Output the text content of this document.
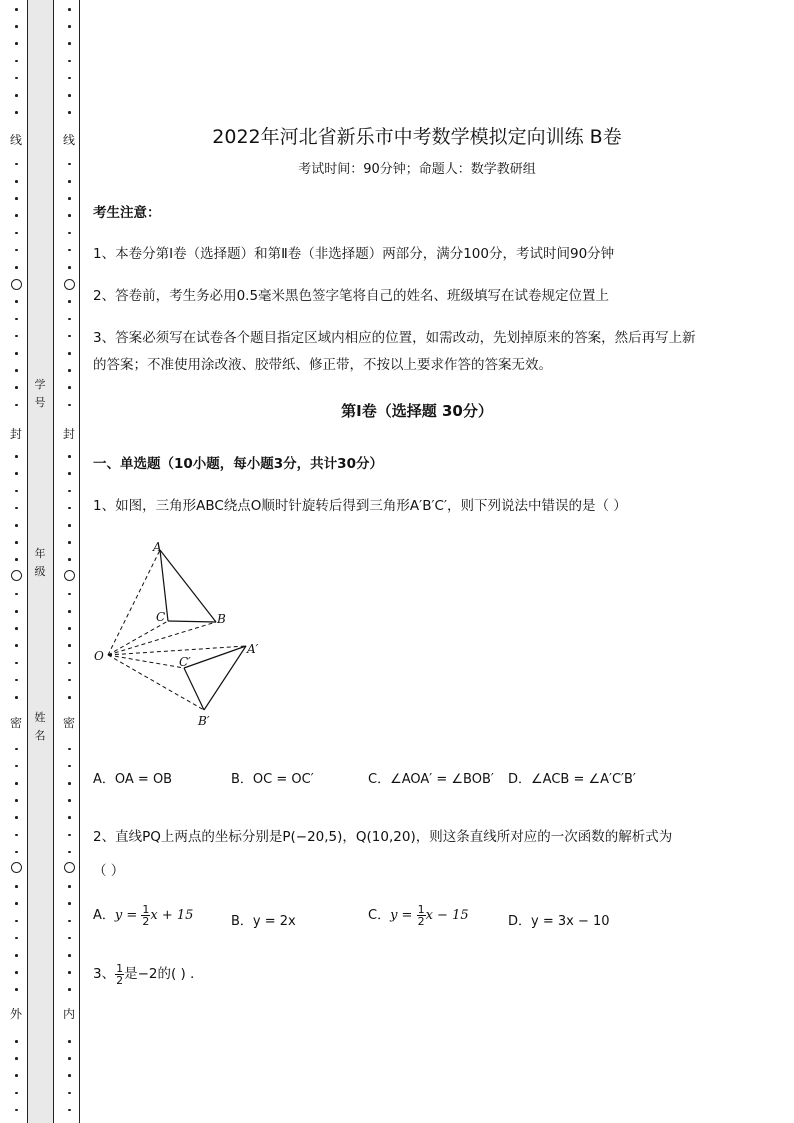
线
封
密
外
线
封
密
内
学号
年级
姓名
2022年河北省新乐市中考数学模拟定向训练 B卷
考试时间：90分钟；命题人：数学教研组
考生注意：
1、本卷分第I卷（选择题）和第Ⅱ卷（非选择题）两部分，满分100分，考试时间90分钟
2、答卷前，考生务必用0.5毫米黑色签字笔将自己的姓名、班级填写在试卷规定位置上
3、答案必须写在试卷各个题目指定区域内相应的位置，如需改动，先划掉原来的答案，然后再写上新
的答案；不准使用涂改液、胶带纸、修正带，不按以上要求作答的答案无效。
第I卷（选择题 30分）
一、单选题（10小题，每小题3分，共计30分）
1、如图，三角形ABC绕点O顺时针旋转后得到三角形A′B′C′，则下列说法中错误的是（ ）
A
C	B
O	A′
C′
B′
A．OA = OB	B．OC = OC′	C．∠AOA′ = ∠BOB′ D．∠ACB = ∠A′C′B′
2、直线PQ上两点的坐标分别是P(−20,5)，Q(10,20)，则这条直线所对应的一次函数的解析式为
（ ）
A．$y = \frac{1}{2}$ x + 15	B．y = 2x	C．$y = \frac{1}{2}$ x − 15	D．y = 3x − 10
3、 $\frac{1}{2}$ 是−2的( ) ．
